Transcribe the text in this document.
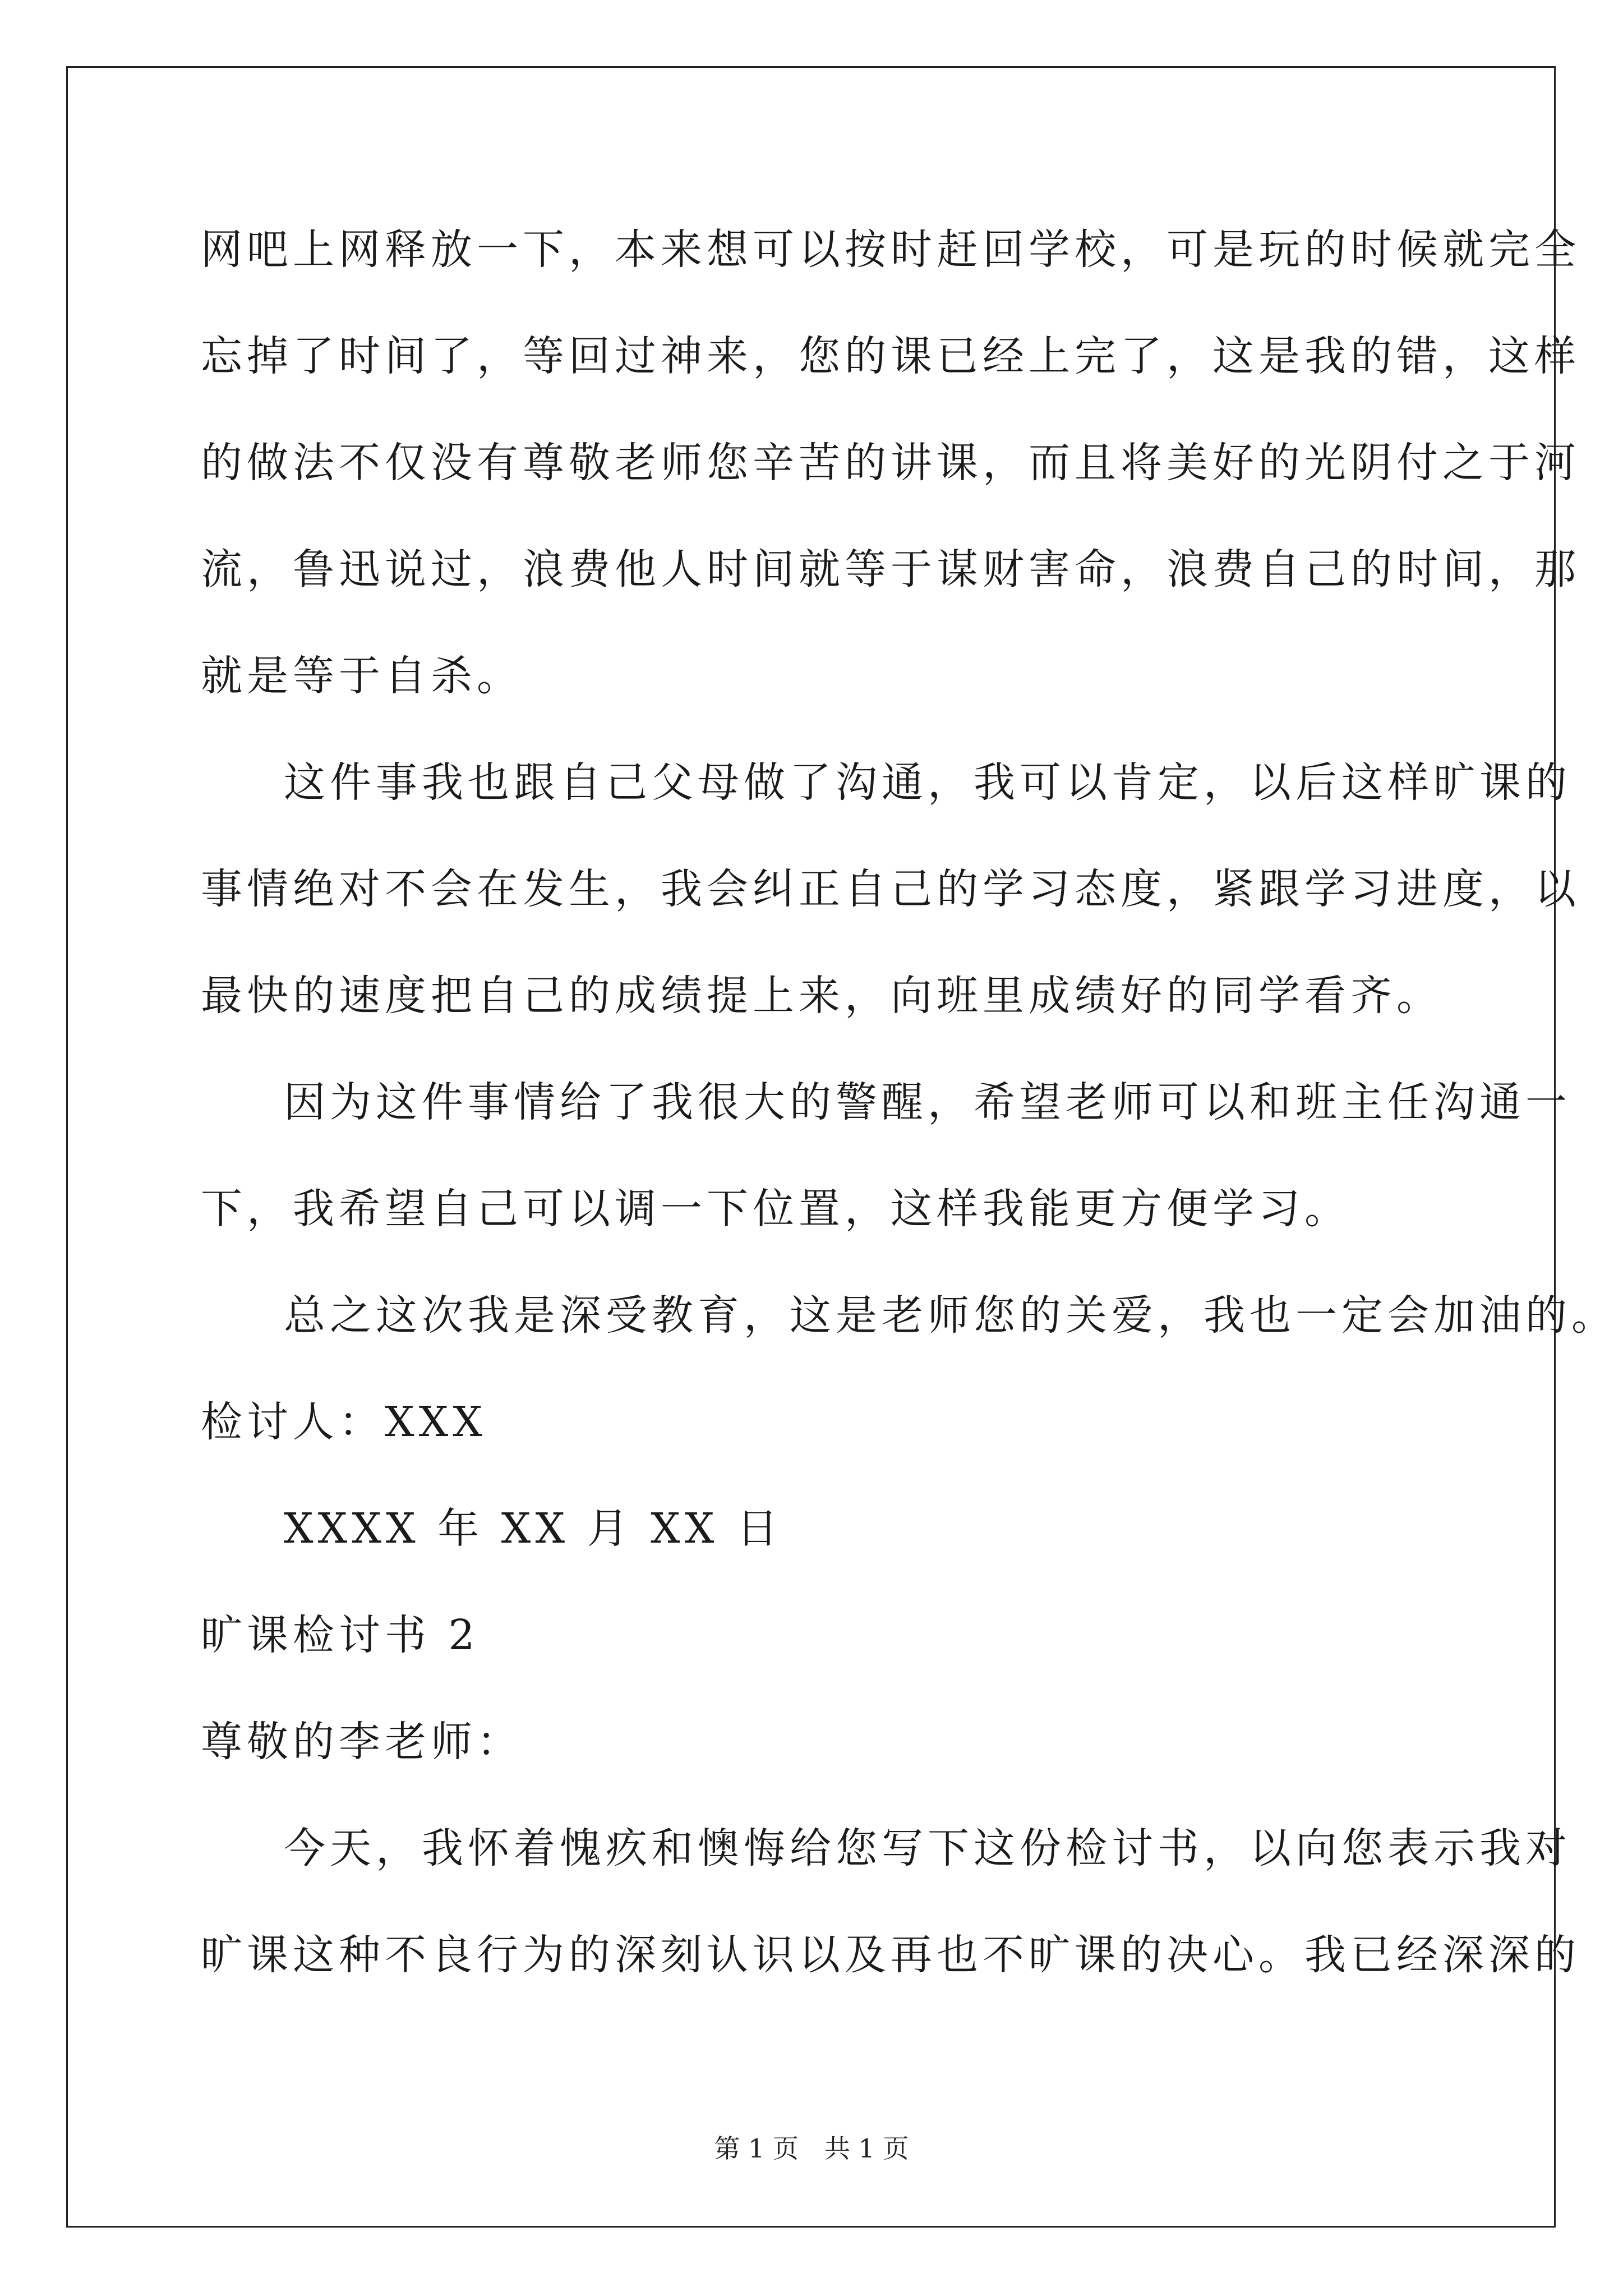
网吧上网释放一下，本来想可以按时赶回学校，可是玩的时候就完全
忘掉了时间了，等回过神来，您的课已经上完了，这是我的错，这样
的做法不仅没有尊敬老师您辛苦的讲课，而且将美好的光阴付之于河
流，鲁迅说过，浪费他人时间就等于谋财害命，浪费自己的时间，那
就是等于自杀。
这件事我也跟自己父母做了沟通，我可以肯定，以后这样旷课的
事情绝对不会在发生，我会纠正自己的学习态度，紧跟学习进度，以
最快的速度把自己的成绩提上来，向班里成绩好的同学看齐。
因为这件事情给了我很大的警醒，希望老师可以和班主任沟通一
下，我希望自己可以调一下位置，这样我能更方便学习。
总之这次我是深受教育，这是老师您的关爱，我也一定会加油的。
检讨人：XXX
XXXX 年 XX 月 XX 日
旷课检讨书 2
尊敬的李老师：
今天，我怀着愧疚和懊悔给您写下这份检讨书，以向您表示我对
旷课这种不良行为的深刻认识以及再也不旷课的决心。我已经深深的
第 1 页　共 1 页
